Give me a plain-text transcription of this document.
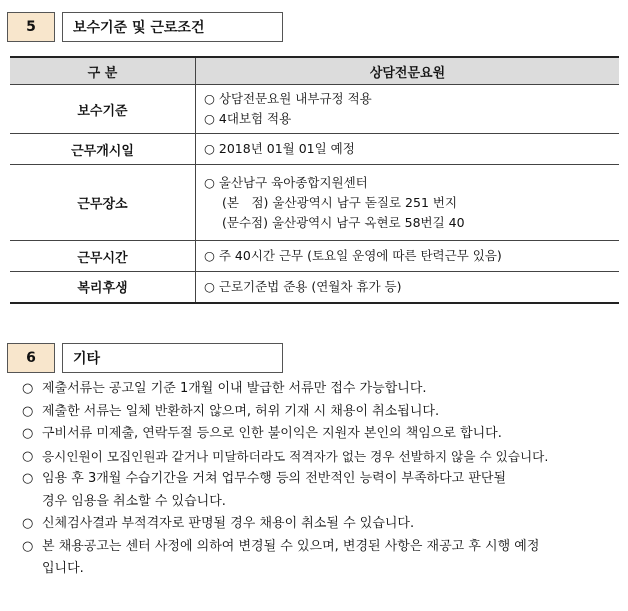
5	보수기준 및 근로조건
구 분	상담전문요원
보수기준	○ 상담전문요원 내부규정 적용
○ 4대보험 적용

근무개시일	○ 2018년 01월 01일 예정

근무장소	○ 울산남구 육아종합지원센터
(본　점) 울산광역시 남구 돋질로 251 번지
(문수점) 울산광역시 남구 옥현로 58번길 40

근무시간	○ 주 40시간 근무 (토요일 운영에 따른 탄력근무 있음)

복리후생	○ 근로기준법 준용 (연월차 휴가 등)
6	기타
○ 제출서류는 공고일 기준 1개월 이내 발급한 서류만 접수 가능합니다.
○ 제출한 서류는 일체 반환하지 않으며, 허위 기재 시 채용이 취소됩니다.
○ 구비서류 미제출, 연락두절 등으로 인한 불이익은 지원자 본인의 책임으로 합니다.
○ 응시인원이 모집인원과 같거나 미달하더라도 적격자가 없는 경우 선발하지 않을 수 있습니다.
○ 임용 후 3개월 수습기간을 거쳐 업무수행 등의 전반적인 능력이 부족하다고 판단될
경우 임용을 취소할 수 있습니다.
○ 신체검사결과 부적격자로 판명될 경우 채용이 취소될 수 있습니다.
○ 본 채용공고는 센터 사정에 의하여 변경될 수 있으며, 변경된 사항은 재공고 후 시행 예정
입니다.
